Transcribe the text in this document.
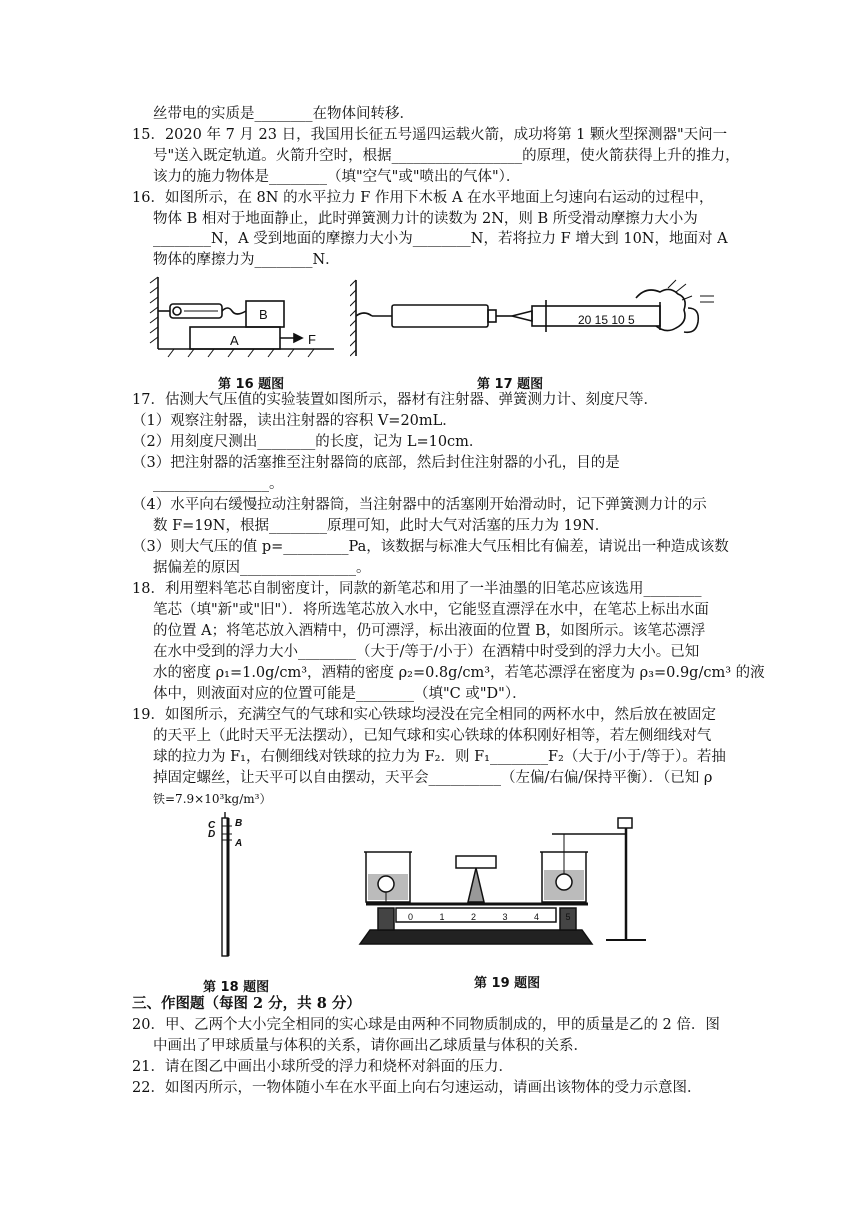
丝带电的实质是________在物体间转移．
15．2020 年 7 月 23 日，我国用长征五号遥四运载火箭，成功将第 1 颗火型探测器"天问一
号"送入既定轨道。火箭升空时，根据__________________的原理，使火箭获得上升的推力，
该力的施力物体是________（填"空气"或"喷出的气体"）．
16．如图所示，在 8N 的水平拉力 F 作用下木板 A 在水平地面上匀速向右运动的过程中，
物体 B 相对于地面静止，此时弹簧测力计的读数为 2N，则 B 所受滑动摩擦力大小为
________N，A 受到地面的摩擦力大小为________N，若将拉力 F 增大到 10N，地面对 A
物体的摩擦力为________N．
B
A	F
20 15 10 5
第 16 题图	第 17 题图
17．估测大气压值的实验装置如图所示，器材有注射器、弹簧测力计、刻度尺等．
（1）观察注射器，读出注射器的容积 V=20mL．
（2）用刻度尺测出________的长度，记为 L=10cm．
（3）把注射器的活塞推至注射器筒的底部，然后封住注射器的小孔，目的是
________________。
（4）水平向右缓慢拉动注射器筒，当注射器中的活塞刚开始滑动时，记下弹簧测力计的示
数 F=19N，根据________原理可知，此时大气对活塞的压力为 19N．
（3）则大气压的值 p=_________Pa，该数据与标准大气压相比有偏差，请说出一种造成该数
据偏差的原因________________。
18．利用塑料笔芯自制密度计，同款的新笔芯和用了一半油墨的旧笔芯应该选用________
笔芯（填"新"或"旧"）．将所选笔芯放入水中，它能竖直漂浮在水中，在笔芯上标出水面
的位置 A；将笔芯放入酒精中，仍可漂浮，标出液面的位置 B，如图所示。该笔芯漂浮
在水中受到的浮力大小________（大于/等于/小于）在酒精中时受到的浮力大小。已知
水的密度 ρ₁=1.0g/cm³，酒精的密度 ρ₂=0.8g/cm³，若笔芯漂浮在密度为 ρ₃=0.9g/cm³ 的液
体中，则液面对应的位置可能是________（填"C 或"D"）．
19．如图所示，充满空气的气球和实心铁球均浸没在完全相同的两杯水中，然后放在被固定
的天平上（此时天平无法摆动），已知气球和实心铁球的体积刚好相等，若左侧细线对气
球的拉力为 F₁，右侧细线对铁球的拉力为 F₂．则 F₁________F₂（大于/小于/等于）。若抽
掉固定螺丝，让天平可以自由摆动，天平会__________（左偏/右偏/保持平衡）．（已知 ρ
铁=7.9×10³kg/m³）
B
C
D
A
0 1 2 3 4 5
第 18 题图	第 19 题图
三、作图题（每图 2 分，共 8 分）
20．甲、乙两个大小完全相同的实心球是由两种不同物质制成的，甲的质量是乙的 2 倍．图
中画出了甲球质量与体积的关系，请你画出乙球质量与体积的关系．
21．请在图乙中画出小球所受的浮力和烧杯对斜面的压力．
22．如图丙所示，一物体随小车在水平面上向右匀速运动，请画出该物体的受力示意图．
